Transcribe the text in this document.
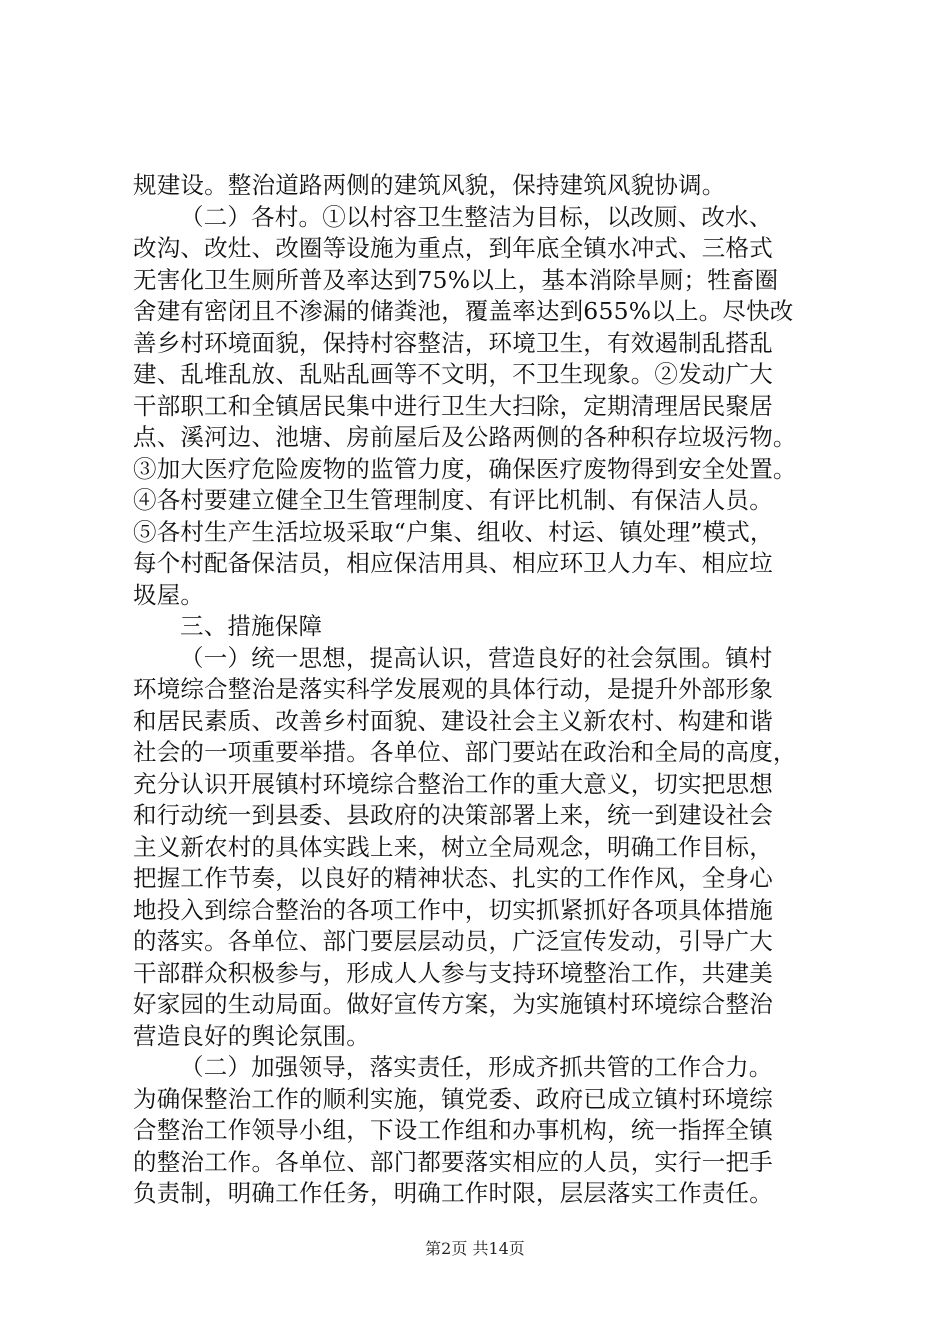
规建设。整治道路两侧的建筑风貌，保持建筑风貌协调。
（二）各村。①以村容卫生整洁为目标，以改厕、改水、
改沟、改灶、改圈等设施为重点，到年底全镇水冲式、三格式
无害化卫生厕所普及率达到75%以上，基本消除旱厕；牲畜圈
舍建有密闭且不渗漏的储粪池，覆盖率达到655%以上。尽快改
善乡村环境面貌，保持村容整洁，环境卫生，有效遏制乱搭乱
建、乱堆乱放、乱贴乱画等不文明，不卫生现象。②发动广大
干部职工和全镇居民集中进行卫生大扫除，定期清理居民聚居
点、溪河边、池塘、房前屋后及公路两侧的各种积存垃圾污物。
③加大医疗危险废物的监管力度，确保医疗废物得到安全处置。
④各村要建立健全卫生管理制度、有评比机制、有保洁人员。
⑤各村生产生活垃圾采取“户集、组收、村运、镇处理”模式，
每个村配备保洁员，相应保洁用具、相应环卫人力车、相应垃
圾屋。
三、措施保障
（一）统一思想，提高认识，营造良好的社会氛围。镇村
环境综合整治是落实科学发展观的具体行动，是提升外部形象
和居民素质、改善乡村面貌、建设社会主义新农村、构建和谐
社会的一项重要举措。各单位、部门要站在政治和全局的高度，
充分认识开展镇村环境综合整治工作的重大意义，切实把思想
和行动统一到县委、县政府的决策部署上来，统一到建设社会
主义新农村的具体实践上来，树立全局观念，明确工作目标，
把握工作节奏，以良好的精神状态、扎实的工作作风，全身心
地投入到综合整治的各项工作中，切实抓紧抓好各项具体措施
的落实。各单位、部门要层层动员，广泛宣传发动，引导广大
干部群众积极参与，形成人人参与支持环境整治工作，共建美
好家园的生动局面。做好宣传方案，为实施镇村环境综合整治
营造良好的舆论氛围。
（二）加强领导，落实责任，形成齐抓共管的工作合力。
为确保整治工作的顺利实施，镇党委、政府已成立镇村环境综
合整治工作领导小组，下设工作组和办事机构，统一指挥全镇
的整治工作。各单位、部门都要落实相应的人员，实行一把手
负责制，明确工作任务，明确工作时限，层层落实工作责任。
第2页 共14页
